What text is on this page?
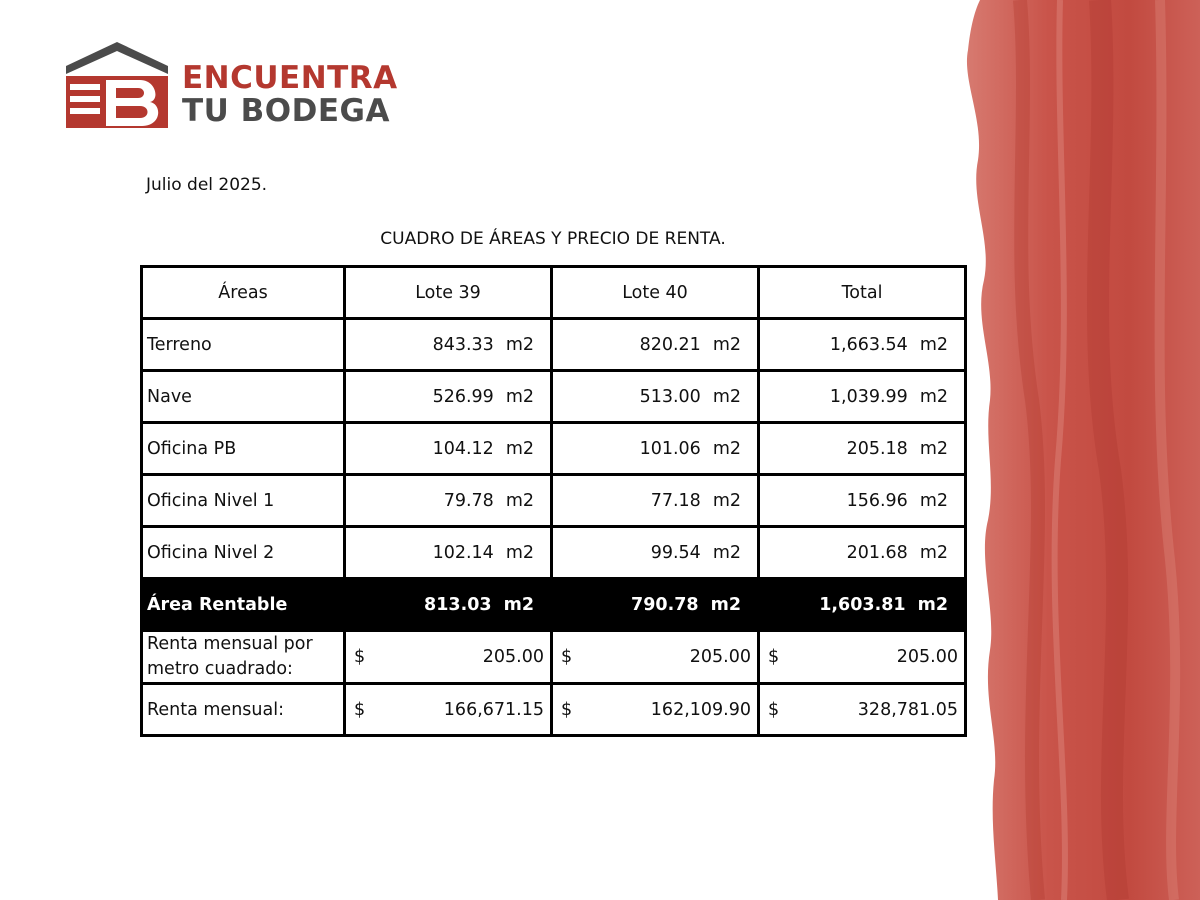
ENCUENTRA
TU BODEGA
Julio del 2025.
CUADRO DE ÁREAS Y PRECIO DE RENTA.
Áreas	Lote 39	Lote 40	Total
Terreno	843.33 m2	820.21 m2	1,663.54 m2
Nave	526.99 m2	513.00 m2	1,039.99 m2
Oficina PB	104.12 m2	101.06 m2	205.18 m2
Oficina Nivel 1	79.78 m2	77.18 m2	156.96 m2
Oficina Nivel 2	102.14 m2	99.54 m2	201.68 m2
Área Rentable	813.03 m2	790.78 m2	1,603.81 m2
Renta mensual por
metro cuadrado:	$ 205.00	$ 205.00	$ 205.00

Renta mensual:	$ 166,671.15	$ 162,109.90	$ 328,781.05
